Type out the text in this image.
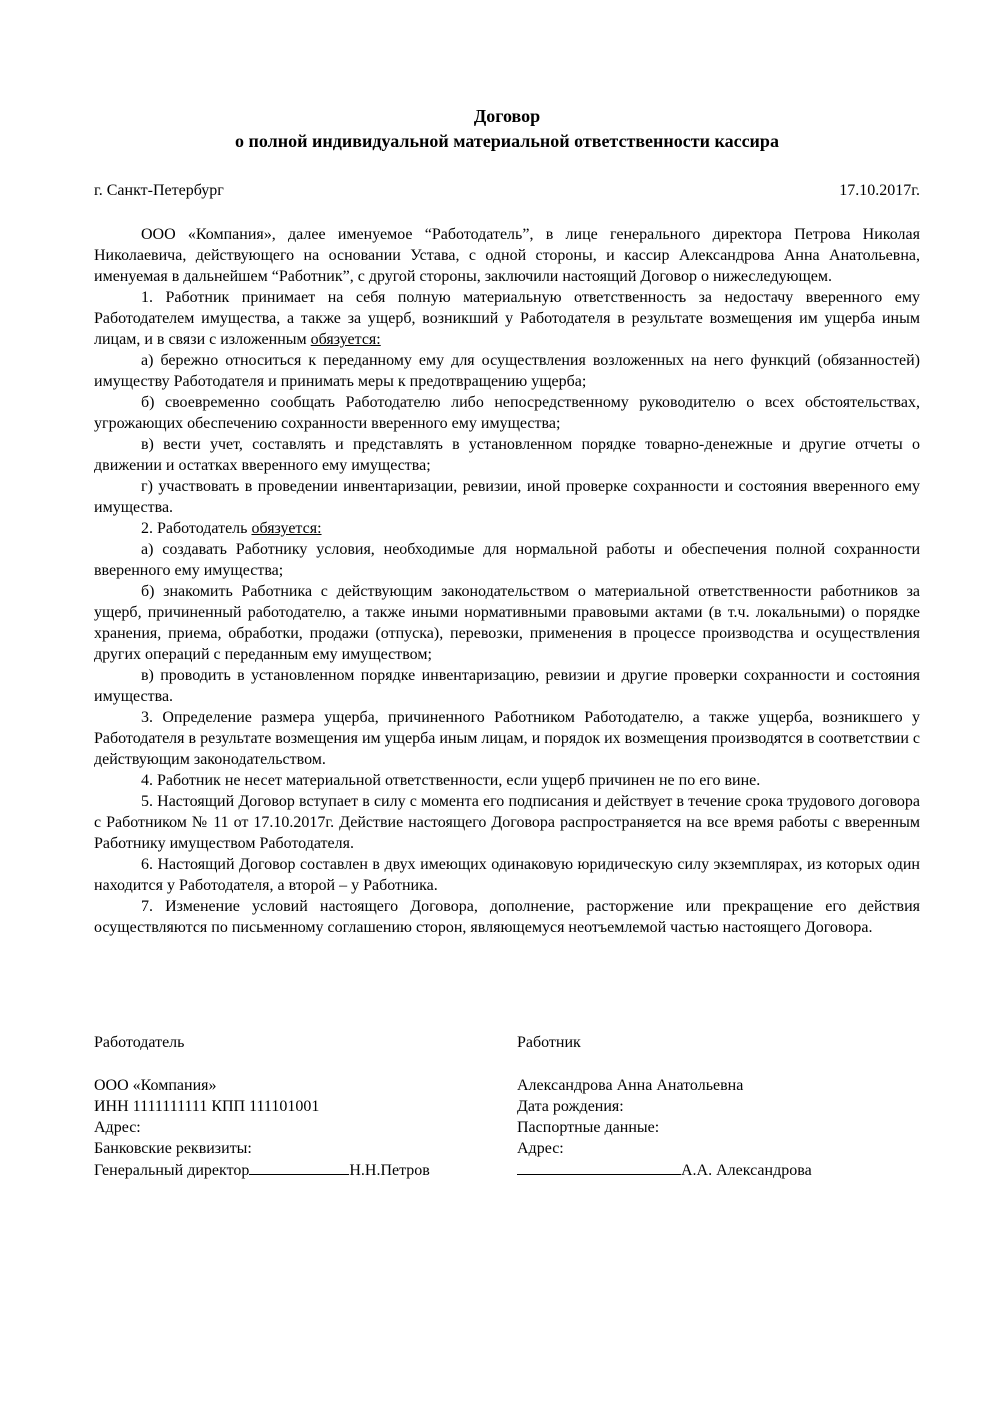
Договор
о полной индивидуальной материальной ответственности кассира
г. Санкт-Петербург	17.10.2017г.

ООО «Компания», далее именуемое “Работодатель”, в лице генерального директора Петрова Николая Николаевича, действующего на основании Устава, с одной стороны, и кассир Александрова Анна Анатольевна, именуемая в дальнейшем “Работник”, с другой стороны, заключили настоящий Договор о нижеследующем.

1. Работник принимает на себя полную материальную ответственность за недостачу вверенного ему Работодателем имущества, а также за ущерб, возникший у Работодателя в результате возмещения им ущерба иным лицам, и в связи с изложенным обязуется:

а) бережно относиться к переданному ему для осуществления возложенных на него функций (обязанностей) имуществу Работодателя и принимать меры к предотвращению ущерба;

б) своевременно сообщать Работодателю либо непосредственному руководителю о всех обстоятельствах, угрожающих обеспечению сохранности вверенного ему имущества;

в) вести учет, составлять и представлять в установленном порядке товарно-денежные и другие отчеты о движении и остатках вверенного ему имущества;

г) участвовать в проведении инвентаризации, ревизии, иной проверке сохранности и состояния вверенного ему имущества.

2. Работодатель обязуется:

а) создавать Работнику условия, необходимые для нормальной работы и обеспечения полной сохранности вверенного ему имущества;

б) знакомить Работника с действующим законодательством о материальной ответственности работников за ущерб, причиненный работодателю, а также иными нормативными правовыми актами (в т.ч. локальными) о порядке хранения, приема, обработки, продажи (отпуска), перевозки, применения в процессе производства и осуществления других операций с переданным ему имуществом;

в) проводить в установленном порядке инвентаризацию, ревизии и другие проверки сохранности и состояния имущества.

3. Определение размера ущерба, причиненного Работником Работодателю, а также ущерба, возникшего у Работодателя в результате возмещения им ущерба иным лицам, и порядок их возмещения производятся в соответствии с действующим законодательством.

4. Работник не несет материальной ответственности, если ущерб причинен не по его вине.

5. Настоящий Договор вступает в силу с момента его подписания и действует в течение срока трудового договора с Работником № 11 от 17.10.2017г. Действие настоящего Договора распространяется на все время работы с вверенным Работнику имуществом Работодателя.

6. Настоящий Договор составлен в двух имеющих одинаковую юридическую силу экземплярах, из которых один находится у Работодателя, а второй – у Работника.

7. Изменение условий настоящего Договора, дополнение, расторжение или прекращение его действия осуществляются по письменному соглашению сторон, являющемуся неотъемлемой частью настоящего Договора.

Работодатель
ООО «Компания»
ИНН 1111111111 КПП 111101001
Адрес:
Банковские реквизиты:
Генеральный директор	Н.Н.Петров
Работник
Александрова Анна Анатольевна
Дата рождения:
Паспортные данные:
Адрес:
А.А. Александрова
